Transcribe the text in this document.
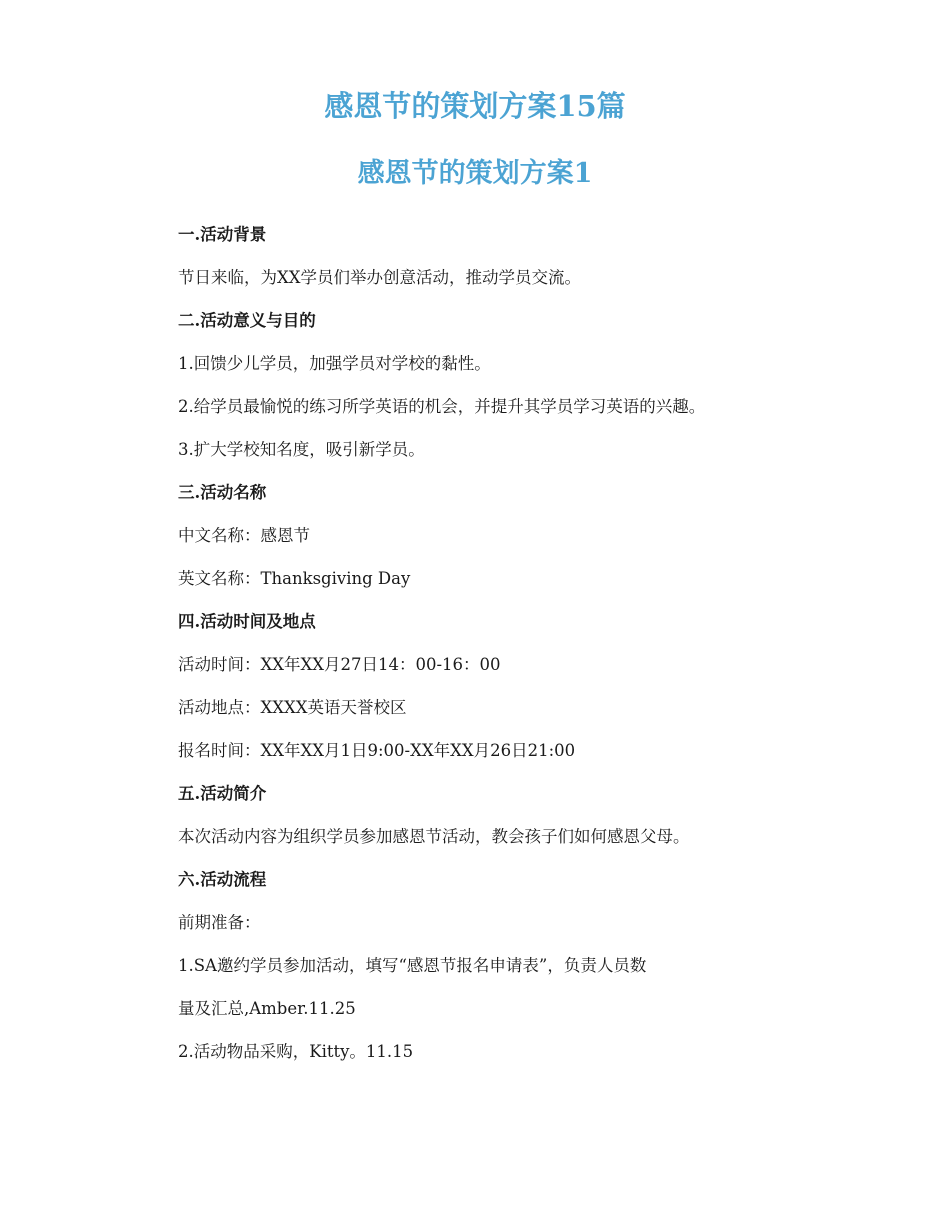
感恩节的策划方案15篇
感恩节的策划方案1

一.活动背景

节日来临，为XX学员们举办创意活动，推动学员交流。

二.活动意义与目的

1.回馈少儿学员，加强学员对学校的黏性。

2.给学员最愉悦的练习所学英语的机会，并提升其学员学习英语的兴趣。

3.扩大学校知名度，吸引新学员。

三.活动名称

中文名称：感恩节

英文名称：Thanksgiving Day

四.活动时间及地点

活动时间：XX年XX月27日14：00-16：00

活动地点：XXXX英语天誉校区

报名时间：XX年XX月1日9:00-XX年XX月26日21:00

五.活动简介

本次活动内容为组织学员参加感恩节活动，教会孩子们如何感恩父母。

六.活动流程

前期准备：

1.SA邀约学员参加活动，填写“感恩节报名申请表”，负责人员数

量及汇总,Amber.11.25

2.活动物品采购，Kitty。11.15
